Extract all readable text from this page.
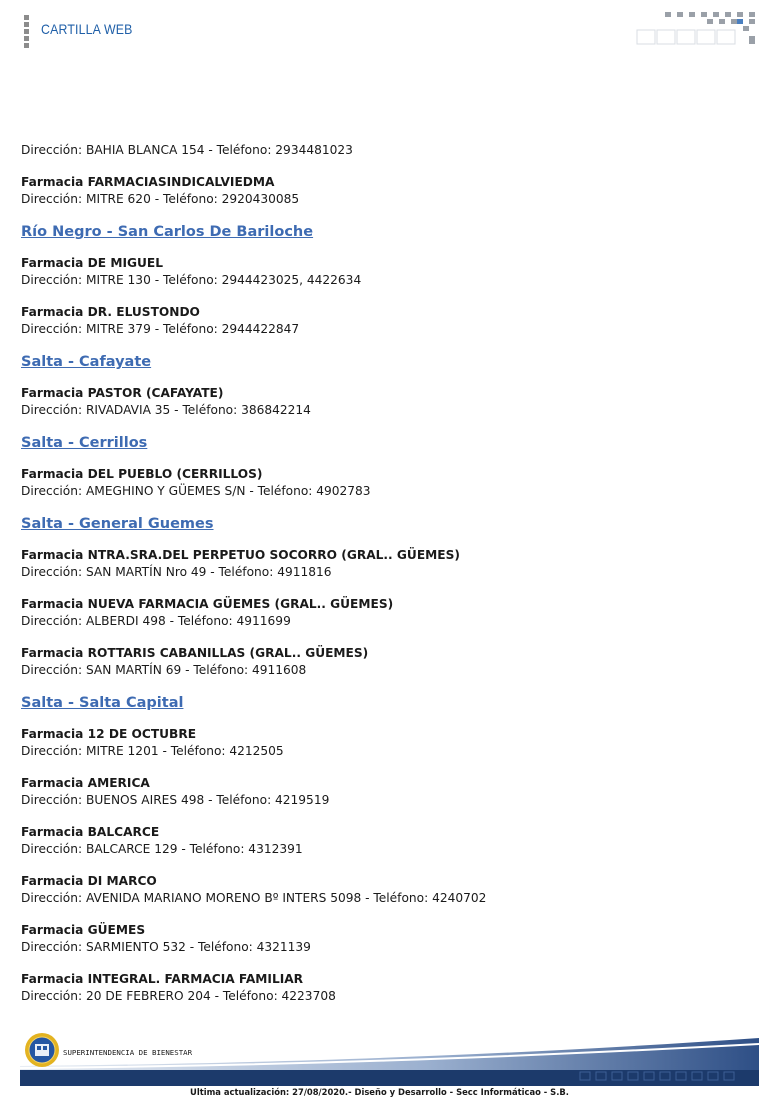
CARTILLA WEB
Dirección: BAHIA BLANCA 154 - Teléfono: 2934481023
Farmacia FARMACIASINDICALVIEDMA
Dirección: MITRE 620 - Teléfono: 2920430085
Río Negro - San Carlos De Bariloche
Farmacia DE MIGUEL
Dirección: MITRE 130 - Teléfono: 2944423025, 4422634
Farmacia DR. ELUSTONDO
Dirección: MITRE 379 - Teléfono: 2944422847
Salta - Cafayate
Farmacia PASTOR (CAFAYATE)
Dirección: RIVADAVIA 35 - Teléfono: 386842214
Salta - Cerrillos
Farmacia DEL PUEBLO (CERRILLOS)
Dirección: AMEGHINO Y GÜEMES S/N - Teléfono: 4902783
Salta - General Guemes
Farmacia NTRA.SRA.DEL PERPETUO SOCORRO (GRAL.. GÜEMES)
Dirección: SAN MARTÍN Nro 49 - Teléfono: 4911816
Farmacia NUEVA FARMACIA GÜEMES (GRAL.. GÜEMES)
Dirección: ALBERDI 498 - Teléfono: 4911699
Farmacia ROTTARIS CABANILLAS (GRAL.. GÜEMES)
Dirección: SAN MARTÍN 69 - Teléfono: 4911608
Salta - Salta Capital
Farmacia 12 DE OCTUBRE
Dirección: MITRE 1201 - Teléfono: 4212505
Farmacia AMERICA
Dirección: BUENOS AIRES 498 - Teléfono: 4219519
Farmacia BALCARCE
Dirección: BALCARCE 129 - Teléfono: 4312391
Farmacia DI MARCO
Dirección: AVENIDA MARIANO MORENO Bº INTERS 5098 - Teléfono: 4240702
Farmacia GÜEMES
Dirección: SARMIENTO 532 - Teléfono: 4321139
Farmacia INTEGRAL. FARMACIA FAMILIAR
Dirección: 20 DE FEBRERO 204 - Teléfono: 4223708
SUPERINTENDENCIA DE BIENESTAR
Ultima actualización: 27/08/2020.- Diseño y Desarrollo - Secc Informáticao - S.B.
